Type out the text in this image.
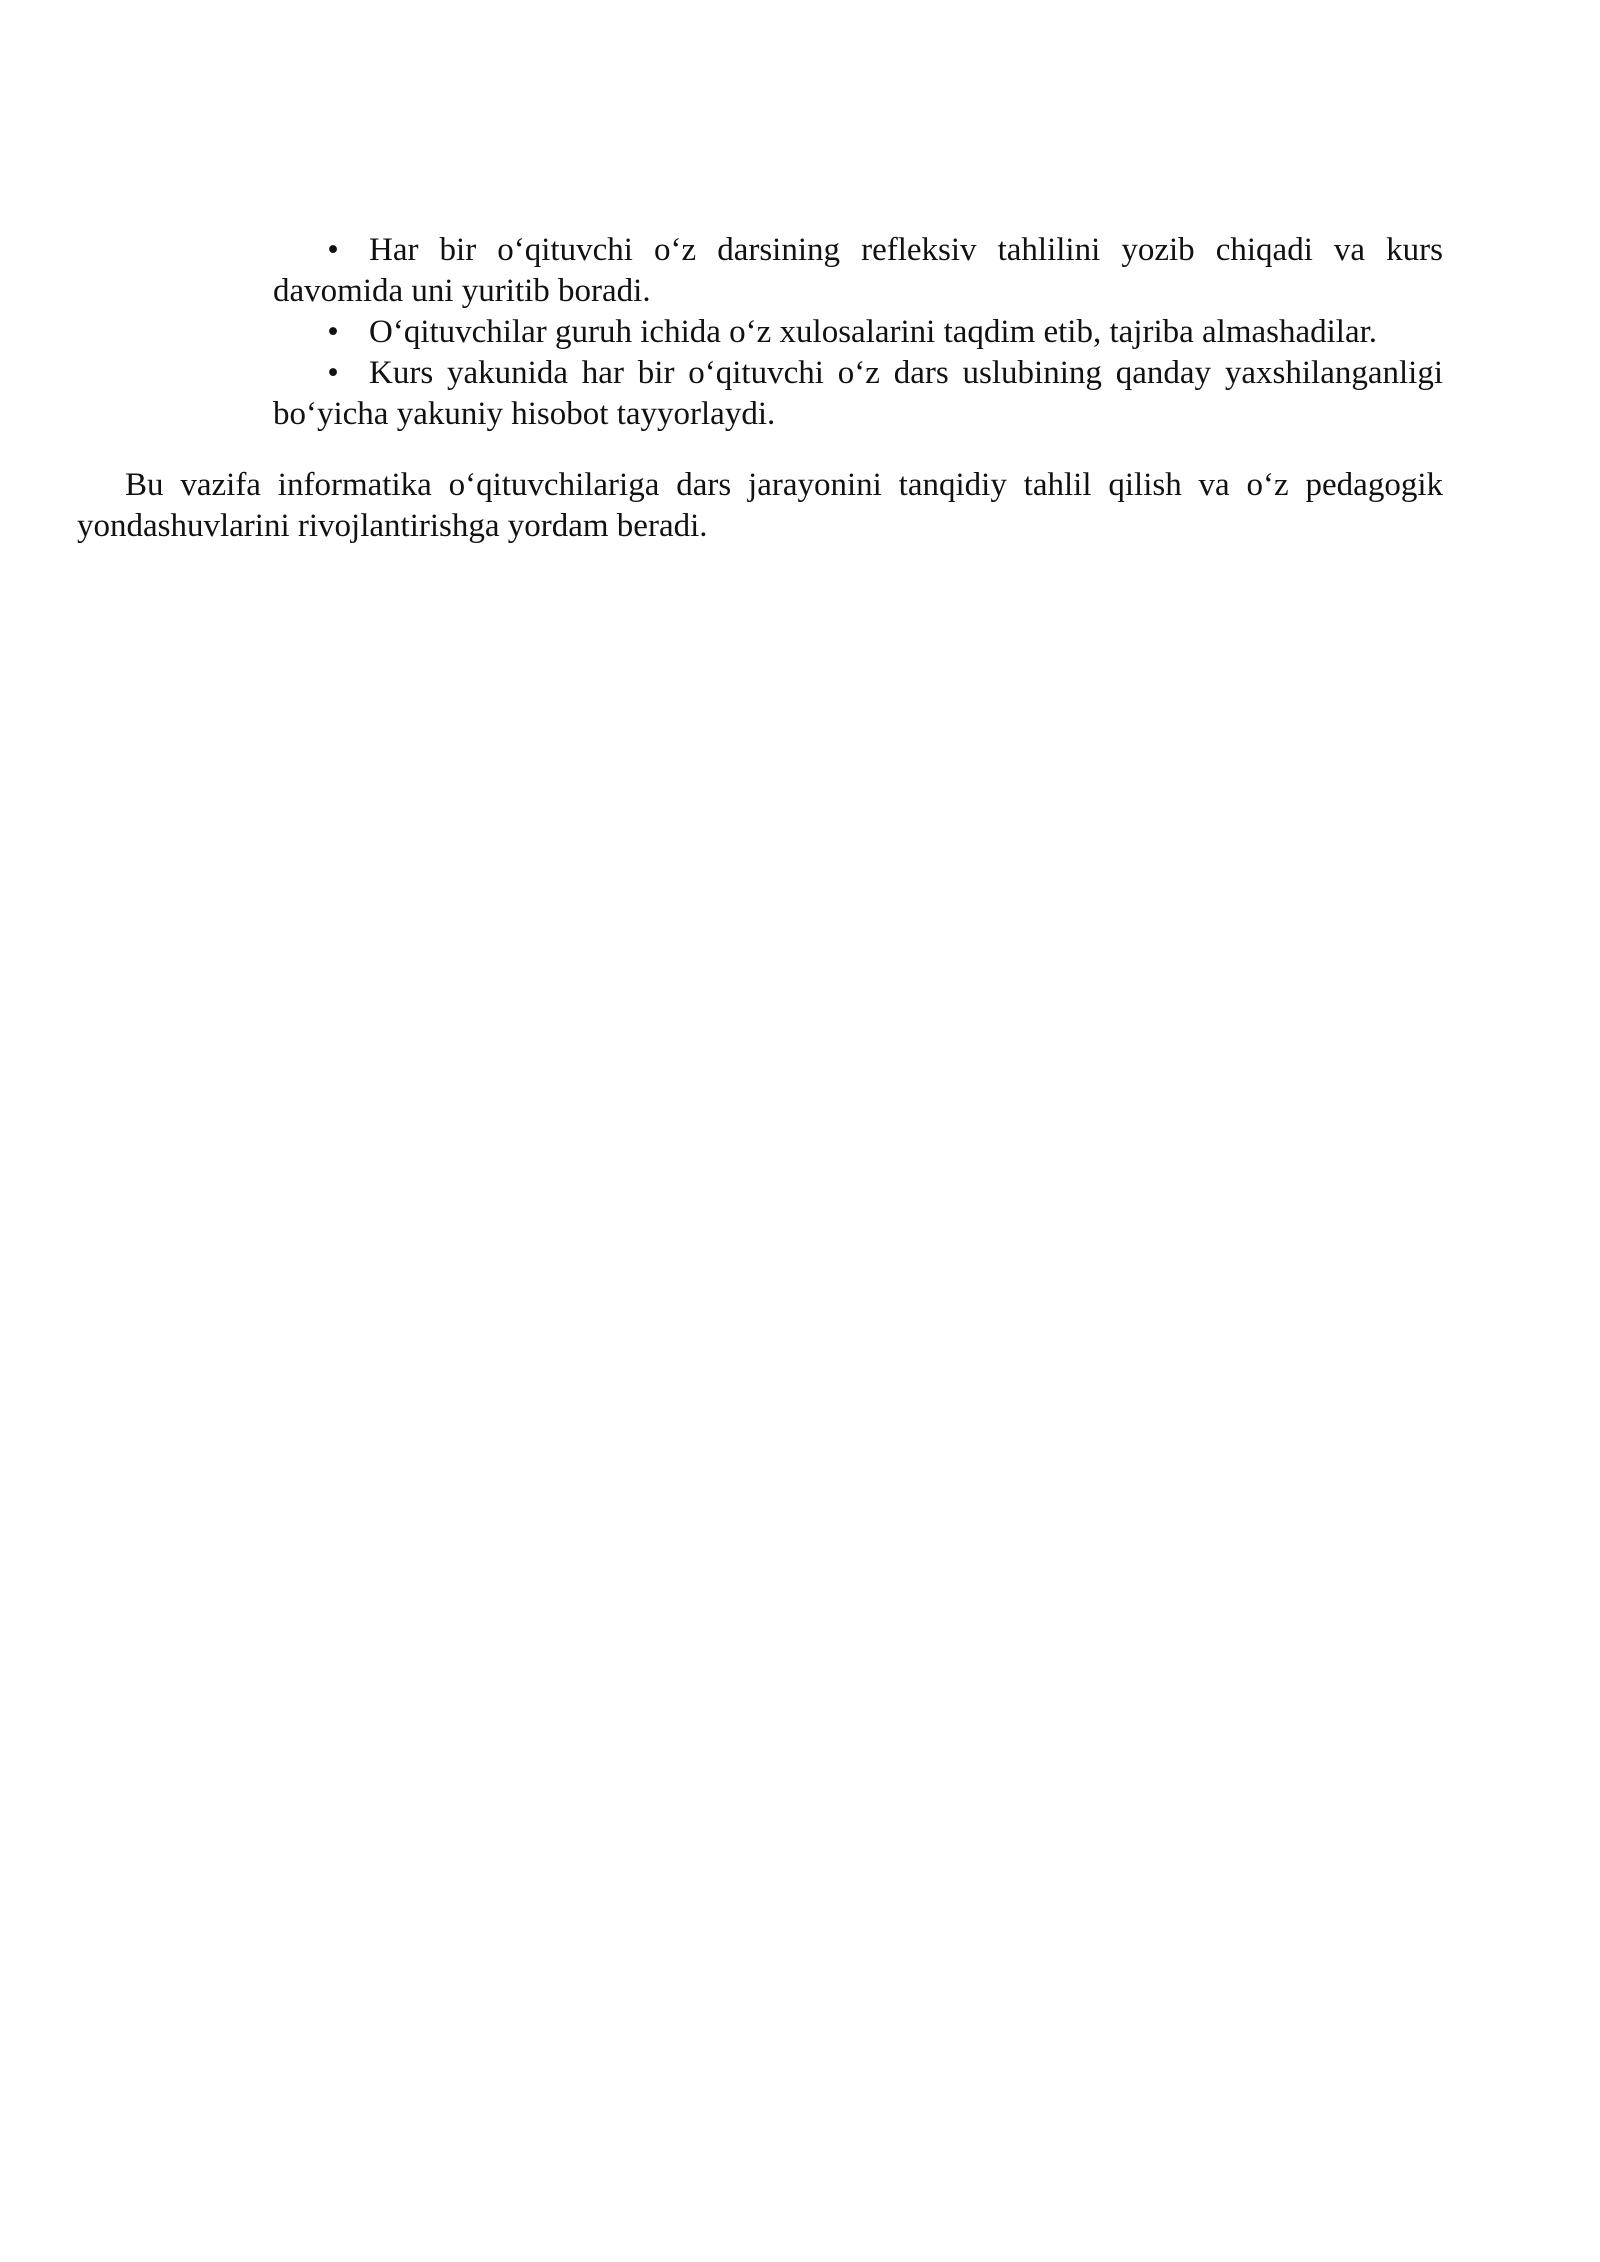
• Har bir o‘qituvchi o‘z darsining refleksiv tahlilini yozib chiqadi va kurs davomida uni yuritib boradi.
• O‘qituvchilar guruh ichida o‘z xulosalarini taqdim etib, tajriba almashadilar.
• Kurs yakunida har bir o‘qituvchi o‘z dars uslubining qanday yaxshilanganligi bo‘yicha yakuniy hisobot tayyorlaydi.

Bu vazifa informatika o‘qituvchilariga dars jarayonini tanqidiy tahlil qilish va o‘z pedagogik yondashuvlarini rivojlantirishga yordam beradi.
